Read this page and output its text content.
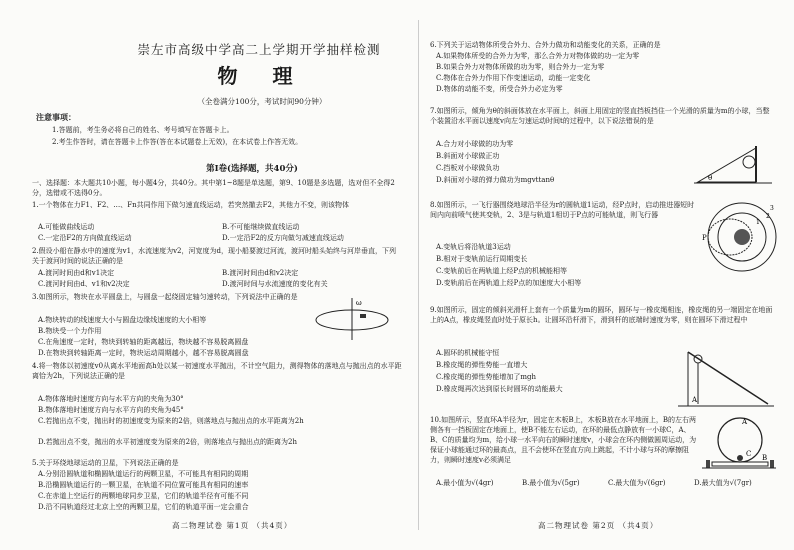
崇左市高级中学高二上学期开学抽样检测
物 理
（全卷满分100分，考试时间90分钟）
注意事项：
1.答题前，考生务必将自己的姓名、考号填写在答题卡上。
2.考生作答时，请在答题卡上作答(答在本试题卷上无效)，在本试卷上作答无效。
第Ⅰ卷(选择题，共40分)
一、选择题：本大题共10小题，每小题4分，共40分。其中第1~8题是单选题，第9、10题是多选题，选对但不全得2分，选错或不选得0分。
1.一个物体在力F1、F2、…、Fn共同作用下做匀速直线运动，若突然撤去F2，其他力不变，则该物体
A.可能做曲线运动	B.不可能继续做直线运动
C.一定沿F2的方向做直线运动	D.一定沿F2的反方向做匀减速直线运动
2.假设小船在静水中的速度为v1，水流速度为v2，河宽度为d，现小船要渡过河流，渡河时船头始终与河岸垂直，下列关于渡河时间的说法正确的是
A.渡河时间由d和v1决定	B.渡河时间由d和v2决定
C.渡河时间由d、v1和v2决定	D.渡河时间与水流速度的变化有关
3.如图所示，物块在水平圆盘上，与圆盘一起绕固定轴匀速转动，下列说法中正确的是
A.物块转动的线速度大小与圆盘边缘线速度的大小相等
B.物块受一个力作用
C.在角速度一定时，物块到转轴的距离越远，物块越不容易脱离圆盘
D.在物块到转轴距离一定时，物块运动周期越小，越不容易脱离圆盘
ω
4.将一物体以初速度v0从离水平地面高h处以某一初速度水平抛出，不计空气阻力，测得物体的落地点与抛出点的水平距离恰为2h，下列说法正确的是
A.物体落地时速度方向与水平方向的夹角为30°
B.物体落地时速度方向与水平方向的夹角为45°
C.若抛出点不变，抛出时的初速度变为原来的2倍，则落地点与抛出点的水平距离为2h
D.若抛出点不变，抛出的水平初速度变为原来的2倍，则落地点与抛出点的距离为2h
5.关于环绕地球运动的卫星，下列说法正确的是
A.分别沿圆轨道和椭圆轨道运行的两颗卫星，不可能具有相同的周期
B.沿椭圆轨道运行的一颗卫星，在轨道不同位置可能具有相同的速率
C.在赤道上空运行的两颗地球同步卫星，它们的轨道半径有可能不同
D.沿不同轨道经过北京上空的两颗卫星，它们的轨道平面一定会重合
高二物理试卷 第1页 （共4页）
6.下列关于运动物体所受合外力、合外力做功和动能变化的关系，正确的是
A.如果物体所受的合外力为零，那么合外力对物体做的功一定为零
B.如果合外力对物体所做的功为零，则合外力一定为零
C.物体在合外力作用下作变速运动，动能一定变化
D.物体的动能不变，所受合外力必定为零
7.如图所示，倾角为θ的斜面体放在水平面上，斜面上用固定的竖直挡板挡住一个光滑的质量为m的小球，当整个装置沿水平面以速度v向左匀速运动时间t的过程中，以下说法错误的是
A.合力对小球做的功为零
B.斜面对小球做正功
C.挡板对小球做负功
D.斜面对小球的弹力做功为mgvttanθ	θ
8.如图所示，一飞行器围绕地球沿半径为r的圆轨道1运动，经P点时，启动推进器短时间内向前喷气使其变轨，2、3是与轨道1相切于P点的可能轨道，则飞行器
A.变轨后将沿轨道3运动
B.相对于变轨前运行周期变长
C.变轨前后在两轨道上经P点的机械能相等
D.变轨前后在两轨道上经P点的加速度大小相等
P
1
2
3
9.如图所示，固定的倾斜光滑杆上套有一个质量为m的圆环，圆环与一橡皮绳相连，橡皮绳的另一端固定在地面上的A点，橡皮绳竖直时处于原长h。让圆环沿杆滑下，滑到杆的底端时速度为零，则在圆环下滑过程中
A.圆环的机械能守恒
B.橡皮绳的弹性势能一直增大
C.橡皮绳的弹性势能增加了mgh
D.橡皮绳再次达到原长时圆环的动能最大
A
10.如图所示，竖直环A半径为r，固定在木板B上，木板B放在水平地面上，B的左右两侧各有一挡板固定在地面上，使B不能左右运动，在环的最低点静放有一小球C，A、B、C的质量均为m，给小球一水平向右的瞬时速度v，小球会在环内侧做圆周运动，为保证小球能通过环的最高点，且不会使环在竖直方向上跳起，不计小球与环的摩擦阻力，则瞬时速度v必须满足
A.最小值为√(4gr)	B.最小值为√(5gr)	C.最大值为√(6gr)	D.最大值为√(7gr)
A
B
C
高二物理试卷 第2页 （共4页）
